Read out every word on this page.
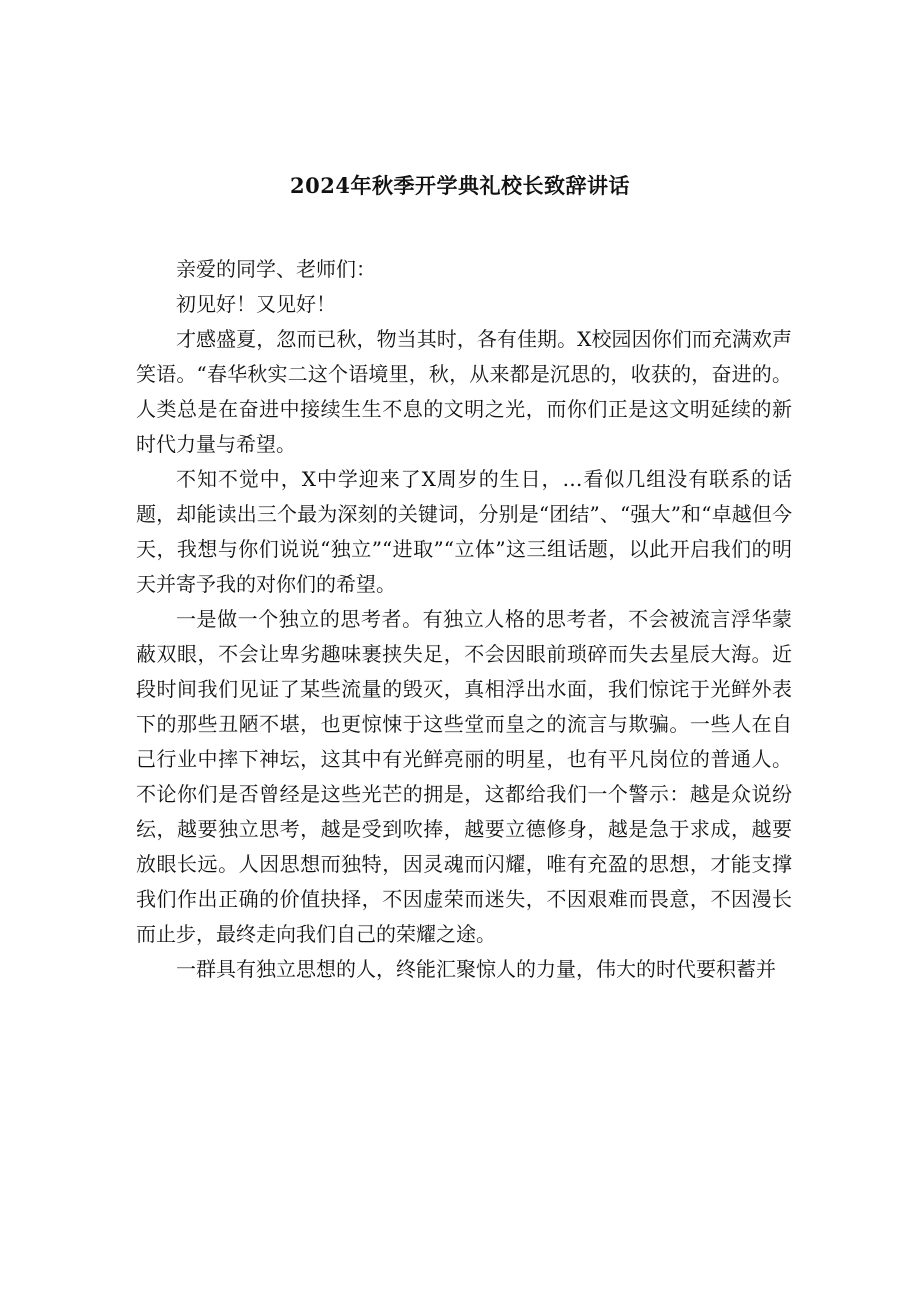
2024年秋季开学典礼校长致辞讲话

亲爱的同学、老师们：

初见好！又见好！

才感盛夏，忽而已秋，物当其时，各有佳期。X校园因你们而充满欢声笑语。“春华秋实二这个语境里，秋，从来都是沉思的，收获的，奋进的。人类总是在奋进中接续生生不息的文明之光，而你们正是这文明延续的新时代力量与希望。

不知不觉中，X中学迎来了X周岁的生日，…看似几组没有联系的话题，却能读出三个最为深刻的关键词，分别是“团结”、“强大”和“卓越但今天，我想与你们说说“独立”“进取”“立体”这三组话题，以此开启我们的明天并寄予我的对你们的希望。

一是做一个独立的思考者。有独立人格的思考者，不会被流言浮华蒙蔽双眼，不会让卑劣趣味裹挟失足，不会因眼前琐碎而失去星辰大海。近段时间我们见证了某些流量的毁灭，真相浮出水面，我们惊诧于光鲜外表下的那些丑陋不堪，也更惊悚于这些堂而皇之的流言与欺骗。一些人在自己行业中摔下神坛，这其中有光鲜亮丽的明星，也有平凡岗位的普通人。不论你们是否曾经是这些光芒的拥是，这都给我们一个警示：越是众说纷纭，越要独立思考，越是受到吹捧，越要立德修身，越是急于求成，越要放眼长远。人因思想而独特，因灵魂而闪耀，唯有充盈的思想，才能支撑我们作出正确的价值抉择，不因虚荣而迷失，不因艰难而畏意，不因漫长而止步，最终走向我们自己的荣耀之途。

一群具有独立思想的人，终能汇聚惊人的力量，伟大的时代要积蓄并
